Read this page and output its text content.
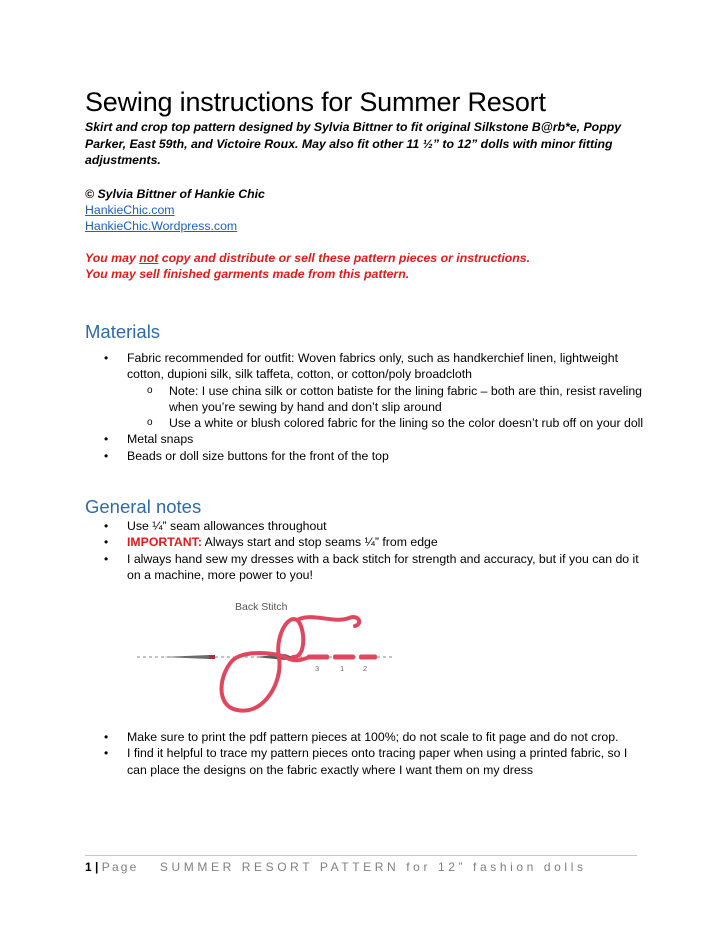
Sewing instructions for Summer Resort
Skirt and crop top pattern designed by Sylvia Bittner to fit original Silkstone B@rb*e, Poppy Parker, East 59th, and Victoire Roux. May also fit other 11 ½” to 12” dolls with minor fitting adjustments.
© Sylvia Bittner of Hankie Chic
HankieChic.com
HankieChic.Wordpress.com
You may not copy and distribute or sell these pattern pieces or instructions.
You may sell finished garments made from this pattern.
Materials
• Fabric recommended for outfit: Woven fabrics only, such as handkerchief linen, lightweight cotton, dupioni silk, silk taffeta, cotton, or cotton/poly broadcloth
o Note: I use china silk or cotton batiste for the lining fabric – both are thin, resist raveling when you’re sewing by hand and don’t slip around
o Use a white or blush colored fabric for the lining so the color doesn’t rub off on your doll
• Metal snaps
• Beads or doll size buttons for the front of the top
General notes
• Use ¼” seam allowances throughout
• IMPORTANT: Always start and stop seams ¼” from edge
• I always hand sew my dresses with a back stitch for strength and accuracy, but if you can do it on a machine, more power to you!
Back Stitch
3	1	2
• Make sure to print the pdf pattern pieces at 100%; do not scale to fit page and do not crop.
• I find it helpful to trace my pattern pieces onto tracing paper when using a printed fabric, so I can place the designs on the fabric exactly where I want them on my dress
1 | Page SUMMER RESORT PATTERN for 12” fashion dolls
